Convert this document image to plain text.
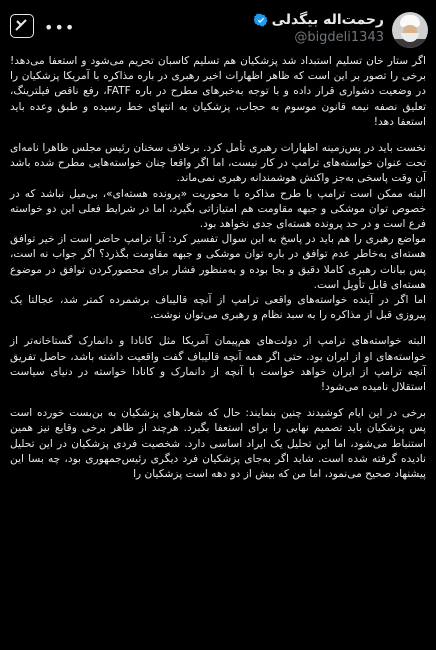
•••	رحمت‌اله بیگدلی
@bigdeli1343

اگر ستار خان تسلیم استبداد شد پزشکیان هم تسلیم کاسبان تحریم می‌شود و استعفا می‌دهد! برخی را تصور بر این است که ظاهر اظهارات اخیر رهبری در باره مذاکره با آمریکا پزشکیان را در وضعیت دشواری قرار داده و با توجه به‌خبرهای مطرح در باره FATF، رفع ناقص فیلترینگ، تعلیق نصفه نیمه قانون موسوم به حجاب، پزشکیان به انتهای خط رسیده و طبق وعده باید استعفا دهد!

نخست باید در پس‌زمینه اظهارات رهبری تأمل کرد. برخلاف سخنان رئیس مجلس ظاهرا نامه‌ای تحت عنوان خواسته‌های ترامپ در کار نیست، اما اگر واقعا چنان خواسته‌هایی مطرح شده باشد آن وقت پاسخی به‌جز واکنش هوشمندانه رهبری نمی‌ماند.
البته ممکن است ترامپ با طرح مذاکره با محوریت «پرونده هسته‌ای»، بی‌میل نباشد که در خصوص توان موشکی و جبهه مقاومت هم امتیازاتی بگیرد، اما در شرایط فعلی این دو خواسته فرع است و در حد پرونده هسته‌ای جدی نخواهد بود.
مواضع رهبری را هم باید در پاسخ به این سوال تفسیر کرد: آیا ترامپ حاضر است از خیر توافق هسته‌ای به‌خاطر عدم توافق در باره توان موشکی و جبهه مقاومت بگذرد؟ اگر جواب نه است، پس بیانات رهبری کاملا دقیق و بجا بوده و به‌منظور فشار برای محصورکردن توافق در موضوع هسته‌ای قابل تأویل است.
اما اگر در آینده خواسته‌های واقعی ترامپ از آنچه قالیباف برشمرده کمتر شد، عجالتا یک پیروزی قبل از مذاکره را به سبد نظام و رهبری می‌توان نوشت.

البته خواسته‌های ترامپ از دولت‌های هم‌پیمان آمریکا مثل کانادا و دانمارک گستاخانه‌تر از خواسته‌های او از ایران بود. حتی اگر همه آنچه قالیباف گفت واقعیت داشته باشد، حاصل تفریق آنچه ترامپ از ایران خواهد خواست با آنچه از دانمارک و کانادا خواسته در دنیای سیاست استقلال نامیده می‌شود!

برخی در این ایام کوشیدند چنین بنمایند: حال که شعارهای پزشکیان به بن‌بست خورده است پس پزشکیان باید تصمیم نهایی را برای استعفا بگیرد. هرچند از ظاهر برخی وقایع نیز همین استنباط می‌شود، اما این تحلیل یک ایراد اساسی دارد. شخصیت فردی پزشکیان در این تحلیل نادیده گرفته شده است. شاید اگر به‌جای پزشکیان فرد دیگری رئیس‌جمهوری بود، چه بسا این پیشنهاد صحیح می‌نمود، اما من که بیش از دو دهه است پزشکیان را
